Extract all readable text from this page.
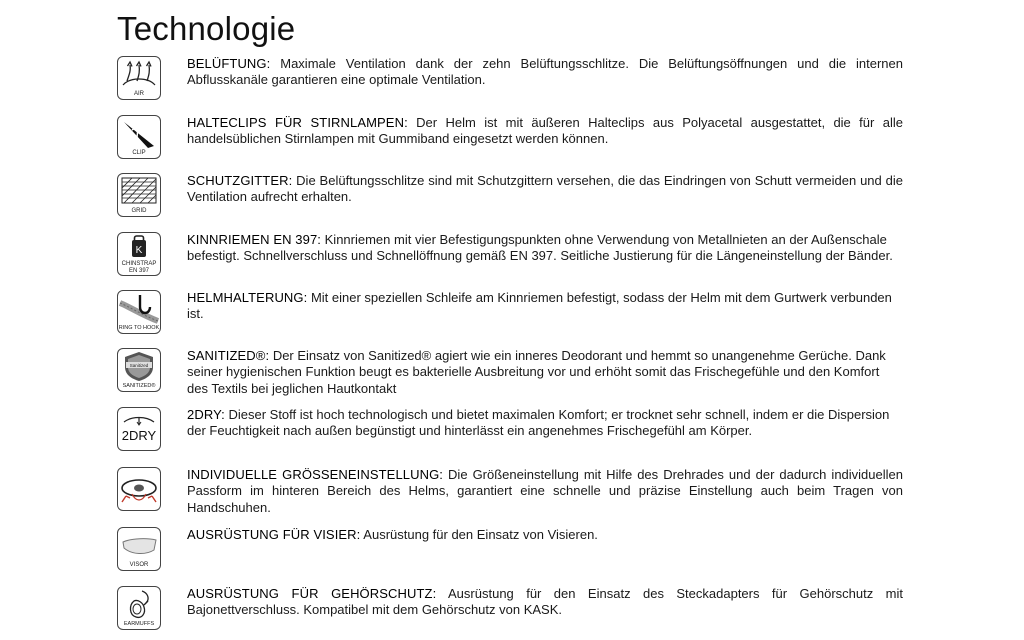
Technologie
AIR
BELÜFTUNG: Maximale Ventilation dank der zehn Belüftungsschlitze. Die Belüftungsöffnungen und die internen Abflusskanäle garantieren eine optimale Ventilation.
CLIP
HALTECLIPS FÜR STIRNLAMPEN: Der Helm ist mit äußeren Halteclips aus Polyacetal ausgestattet, die für alle handelsüblichen Stirnlampen mit Gummiband eingesetzt werden können.
GRID
SCHUTZGITTER: Die Belüftungsschlitze sind mit Schutzgittern versehen, die das Eindringen von Schutt vermeiden und die Ventilation aufrecht erhalten.
K
CHINSTRAP
EN 397
KINNRIEMEN EN 397: Kinnriemen mit vier Befestigungspunkten ohne Verwendung von Metallnieten an der Außenschale befestigt. Schnellverschluss und Schnellöffnung gemäß EN 397. Seitliche Justierung für die Längeneinstellung der Bänder.
RING TO HOOK
HELMHALTERUNG: Mit einer speziellen Schleife am Kinnriemen befestigt, sodass der Helm mit dem Gurtwerk verbunden ist.
Sanitized
SANITIZED®
SANITIZED®: Der Einsatz von Sanitized® agiert wie ein inneres Deodorant und hemmt so unangenehme Gerüche. Dank seiner hygienischen Funktion beugt es bakterielle Ausbreitung vor und erhöht somit das Frischegefühle und den Komfort des Textils bei jeglichen Hautkontakt
2DRY
2DRY: Dieser Stoff ist hoch technologisch und bietet maximalen Komfort; er trocknet sehr schnell, indem er die Dispersion der Feuchtigkeit nach außen begünstigt und hinterlässt ein angenehmes Frischegefühl am Körper.
INDIVIDUELLE GRÖSSENEINSTELLUNG: Die Größeneinstellung mit Hilfe des Drehrades und der dadurch individuellen Passform im hinteren Bereich des Helms, garantiert eine schnelle und präzise Einstellung auch beim Tragen von Handschuhen.
VISOR
AUSRÜSTUNG FÜR VISIER: Ausrüstung für den Einsatz von Visieren.
EARMUFFS
AUSRÜSTUNG FÜR GEHÖRSCHUTZ: Ausrüstung für den Einsatz des Steckadapters für Gehörschutz mit Bajonettverschluss. Kompatibel mit dem Gehörschutz von KASK.
